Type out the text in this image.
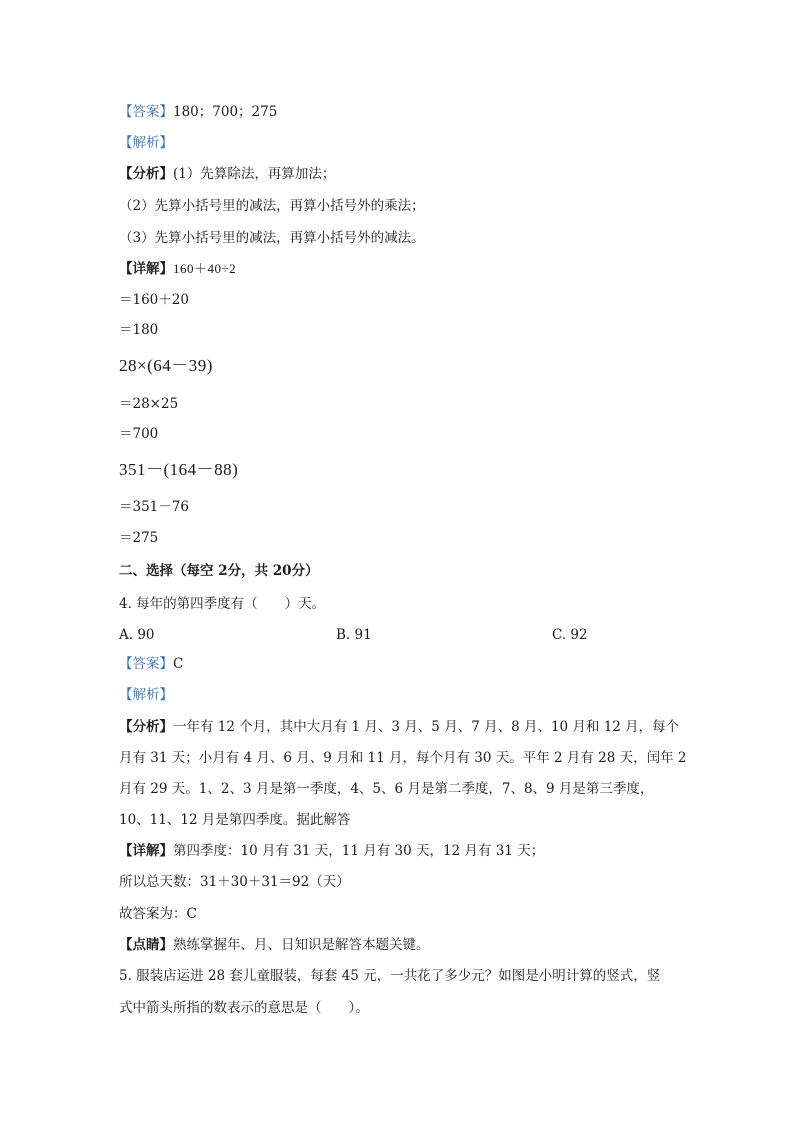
【答案】180；700；275
【解析】
【分析】(1）先算除法，再算加法；
（2）先算小括号里的减法，再算小括号外的乘法；
（3）先算小括号里的减法，再算小括号外的减法。
【详解】160＋40÷2
＝160＋20
＝180
28×(64－39)
＝28×25
＝700
351－(164－88)
＝351－76
＝275
二、选择（每空 2分，共 20分）
4. 每年的第四季度有（　　）天。
A. 90	B. 91	C. 92
【答案】C
【解析】
【分析】一年有 12 个月，其中大月有 1 月、3 月、5 月、7 月、8 月、10 月和 12 月，每个
月有 31 天；小月有 4 月、6 月、9 月和 11 月，每个月有 30 天。平年 2 月有 28 天，闰年 2
月有 29 天。1、2、3 月是第一季度，4、5、6 月是第二季度，7、8、9 月是第三季度，
10、11、12 月是第四季度。据此解答
【详解】第四季度：10 月有 31 天，11 月有 30 天，12 月有 31 天；
所以总天数：31＋30＋31＝92（天）
故答案为：C
【点睛】熟练掌握年、月、日知识是解答本题关键。
5. 服装店运进 28 套儿童服装，每套 45 元，一共花了多少元？如图是小明计算的竖式，竖
式中箭头所指的数表示的意思是（　　）。
